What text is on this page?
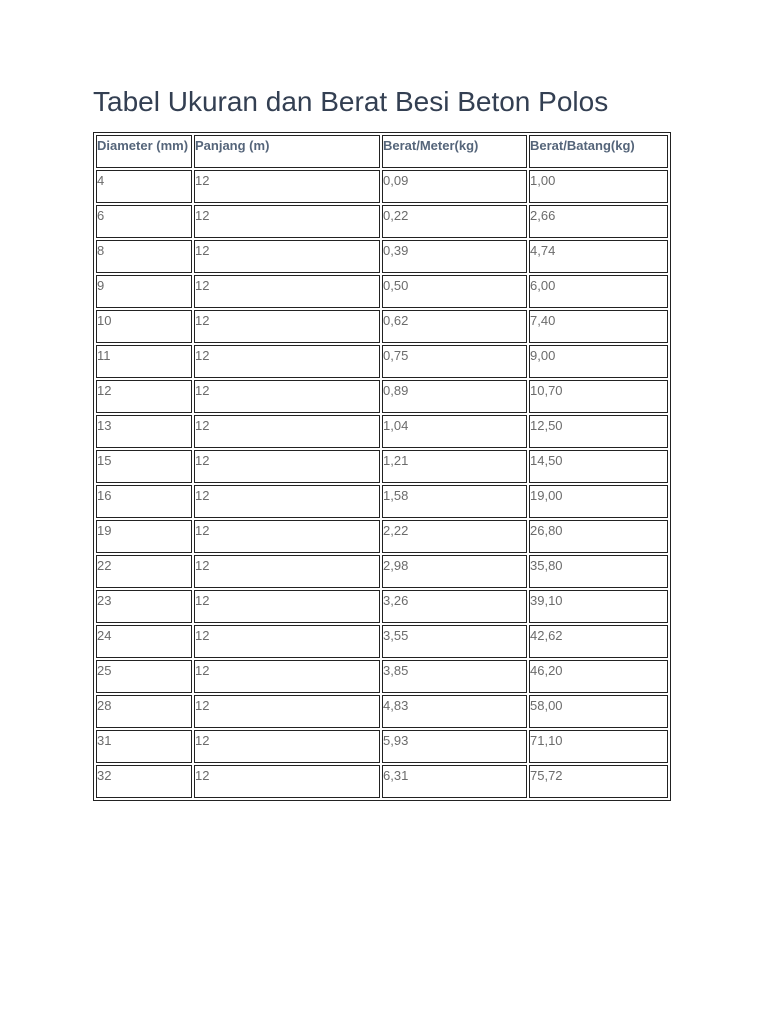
Tabel Ukuran dan Berat Besi Beton Polos
Diameter (mm)	Panjang (m)	Berat/Meter(kg)	Berat/Batang(kg)
4	12	0,09	1,00
6	12	0,22	2,66
8	12	0,39	4,74
9	12	0,50	6,00
10	12	0,62	7,40
11	12	0,75	9,00
12	12	0,89	10,70
13	12	1,04	12,50
15	12	1,21	14,50
16	12	1,58	19,00
19	12	2,22	26,80
22	12	2,98	35,80
23	12	3,26	39,10
24	12	3,55	42,62
25	12	3,85	46,20
28	12	4,83	58,00
31	12	5,93	71,10
32	12	6,31	75,72
